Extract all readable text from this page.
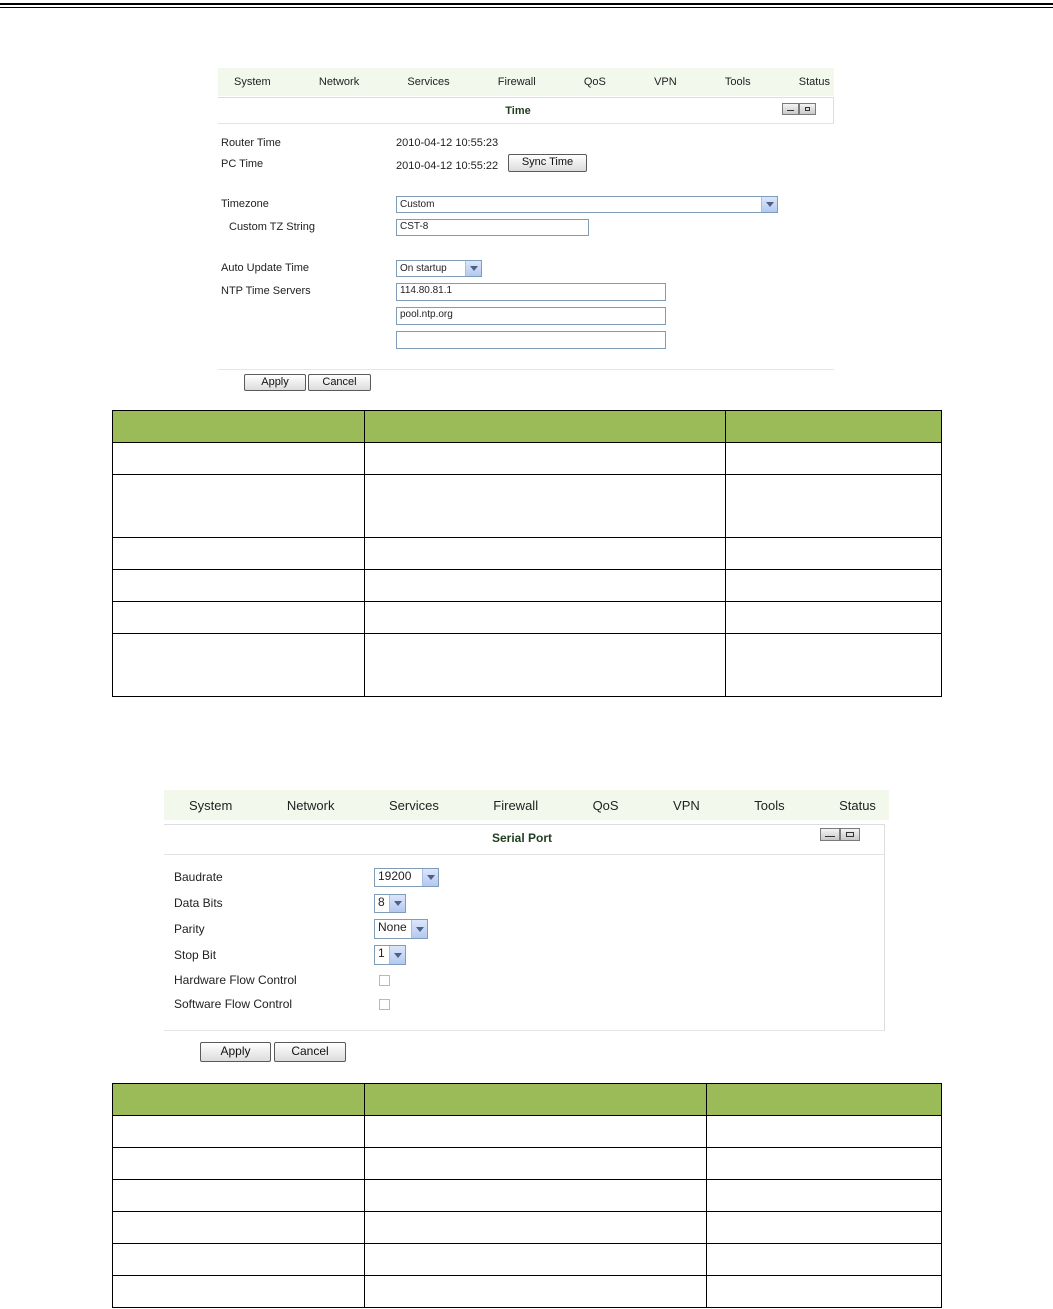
System	Network	Services	Firewall	QoS	VPN	Tools	Status
Time
Router Time	2010-04-12 10:55:23
PC Time	2010-04-12 10:55:22	Sync Time
Timezone	Custom
Custom TZ String	CST-8
Auto Update Time	On startup
NTP Time Servers	114.80.81.1
pool.ntp.org
Apply	Cancel

System	Network	Services	Firewall	QoS	VPN	Tools	Status
Serial Port
Baudrate	19200
Data Bits	8
Parity	None
Stop Bit	1
Hardware Flow Control
Software Flow Control
Apply	Cancel
